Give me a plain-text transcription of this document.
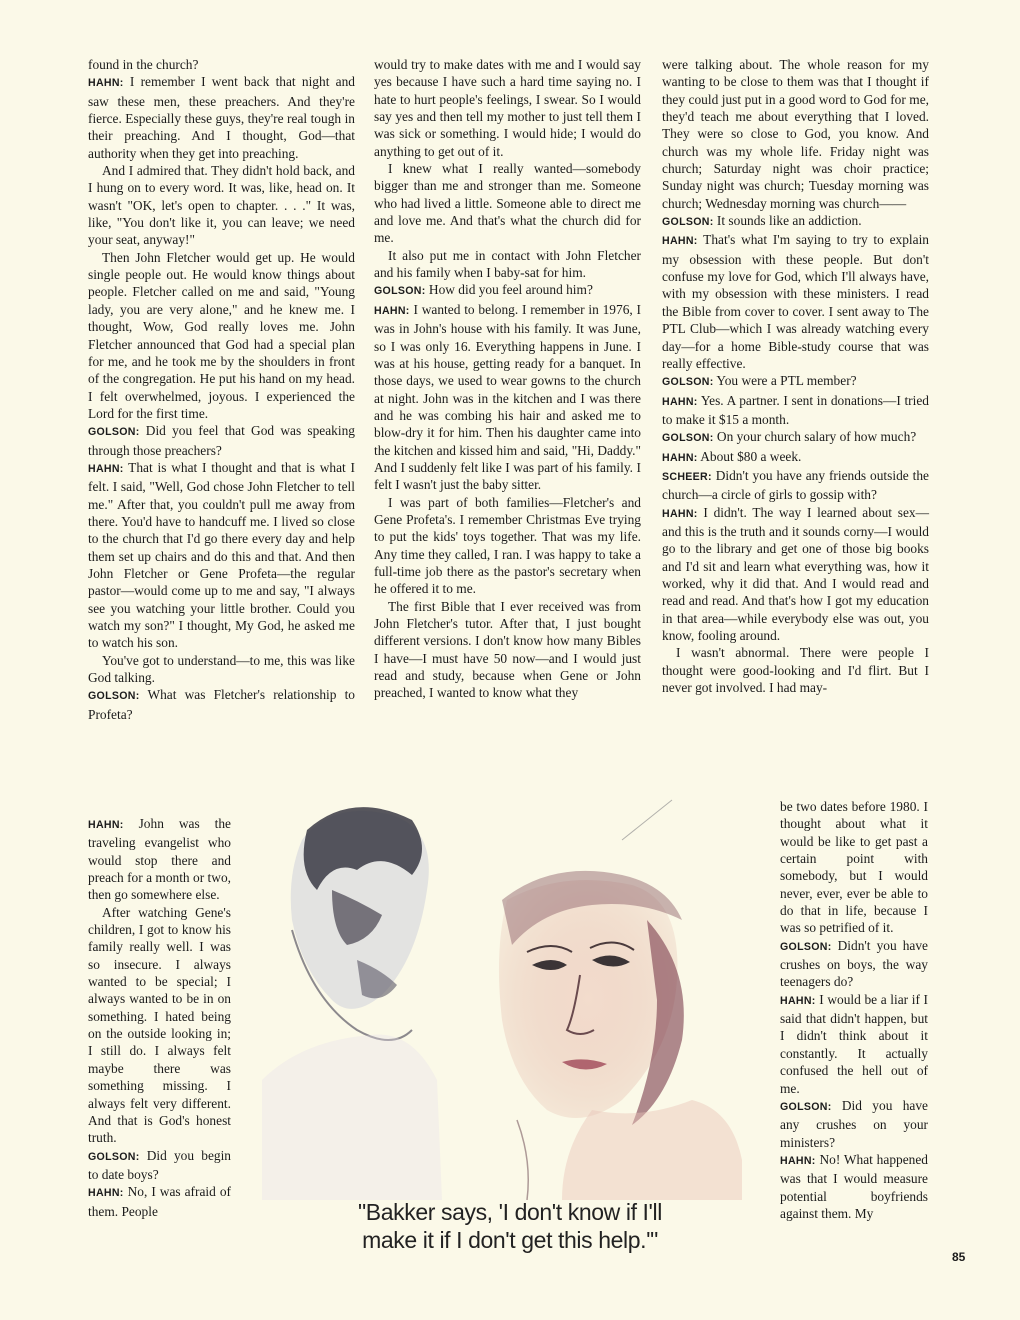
found in the church?

HAHN: I remember I went back that night and saw these men, these preachers. And they're fierce. Especially these guys, they're real tough in their preaching. And I thought, God—that authority when they get into preaching.

And I admired that. They didn't hold back, and I hung on to every word. It was, like, head on. It wasn't "OK, let's open to chapter. . . ." It was, like, "You don't like it, you can leave; we need your seat, anyway!"

Then John Fletcher would get up. He would single people out. He would know things about people. Fletcher called on me and said, "Young lady, you are very alone," and he knew me. I thought, Wow, God really loves me. John Fletcher announced that God had a special plan for me, and he took me by the shoulders in front of the congregation. He put his hand on my head. I felt overwhelmed, joyous. I experienced the Lord for the first time.

GOLSON: Did you feel that God was speaking through those preachers?

HAHN: That is what I thought and that is what I felt. I said, "Well, God chose John Fletcher to tell me." After that, you couldn't pull me away from there. You'd have to handcuff me. I lived so close to the church that I'd go there every day and help them set up chairs and do this and that. And then John Fletcher or Gene Profeta—the regular pastor—would come up to me and say, "I always see you watching your little brother. Could you watch my son?" I thought, My God, he asked me to watch his son.

You've got to understand—to me, this was like God talking.

GOLSON: What was Fletcher's relationship to Profeta?

HAHN: John was the traveling evangelist who would stop there and preach for a month or two, then go somewhere else.

After watching Gene's children, I got to know his family really well. I was so insecure. I always wanted to be special; I always wanted to be in on something. I hated being on the outside looking in; I still do. I always felt maybe there was something missing. I always felt very different. And that is God's honest truth.

GOLSON: Did you begin to date boys?

HAHN: No, I was afraid of them. People

would try to make dates with me and I would say yes because I have such a hard time saying no. I hate to hurt people's feelings, I swear. So I would say yes and then tell my mother to just tell them I was sick or something. I would hide; I would do anything to get out of it.

I knew what I really wanted—somebody bigger than me and stronger than me. Someone who had lived a little. Someone able to direct me and love me. And that's what the church did for me.

It also put me in contact with John Fletcher and his family when I baby-sat for him.

GOLSON: How did you feel around him?

HAHN: I wanted to belong. I remember in 1976, I was in John's house with his family. It was June, so I was only 16. Everything happens in June. I was at his house, getting ready for a banquet. In those days, we used to wear gowns to the church at night. John was in the kitchen and I was there and he was combing his hair and asked me to blow-dry it for him. Then his daughter came into the kitchen and kissed him and said, "Hi, Daddy." And I suddenly felt like I was part of his family. I felt I wasn't just the baby sitter.

I was part of both families—Fletcher's and Gene Profeta's. I remember Christmas Eve trying to put the kids' toys together. That was my life. Any time they called, I ran. I was happy to take a full-time job there as the pastor's secretary when he offered it to me.

The first Bible that I ever received was from John Fletcher's tutor. After that, I just bought different versions. I don't know how many Bibles I have—I must have 50 now—and I would just read and study, because when Gene or John preached, I wanted to know what they

were talking about. The whole reason for my wanting to be close to them was that I thought if they could just put in a good word to God for me, they'd teach me about everything that I loved. They were so close to God, you know. And church was my whole life. Friday night was church; Saturday night was choir practice; Sunday night was church; Tuesday morning was church; Wednesday morning was church——

GOLSON: It sounds like an addiction.

HAHN: That's what I'm saying to try to explain my obsession with these people. But don't confuse my love for God, which I'll always have, with my obsession with these ministers. I read the Bible from cover to cover. I sent away to The PTL Club—which I was already watching every day—for a home Bible-study course that was really effective.

GOLSON: You were a PTL member?

HAHN: Yes. A partner. I sent in donations—I tried to make it $15 a month.

GOLSON: On your church salary of how much?

HAHN: About $80 a week.

SCHEER: Didn't you have any friends outside the church—a circle of girls to gossip with?

HAHN: I didn't. The way I learned about sex—and this is the truth and it sounds corny—I would go to the library and get one of those big books and I'd sit and learn what everything was, how it worked, why it did that. And I would read and read and read. And that's how I got my education in that area—while everybody else was out, you know, fooling around.

I wasn't abnormal. There were people I thought were good-looking and I'd flirt. But I never got involved. I had may-

be two dates before 1980. I thought about what it would be like to get past a certain point with somebody, but I would never, ever, ever be able to do that in life, because I was so petrified of it.

GOLSON: Didn't you have crushes on boys, the way teenagers do?

HAHN: I would be a liar if I said that didn't happen, but I didn't think about it constantly. It actually confused the hell out of me.

GOLSON: Did you have any crushes on your ministers?

HAHN: No! What happened was that I would measure potential boyfriends against them. My

"Bakker says, 'I don't know if I'll make it if I don't get this help.'"
85
